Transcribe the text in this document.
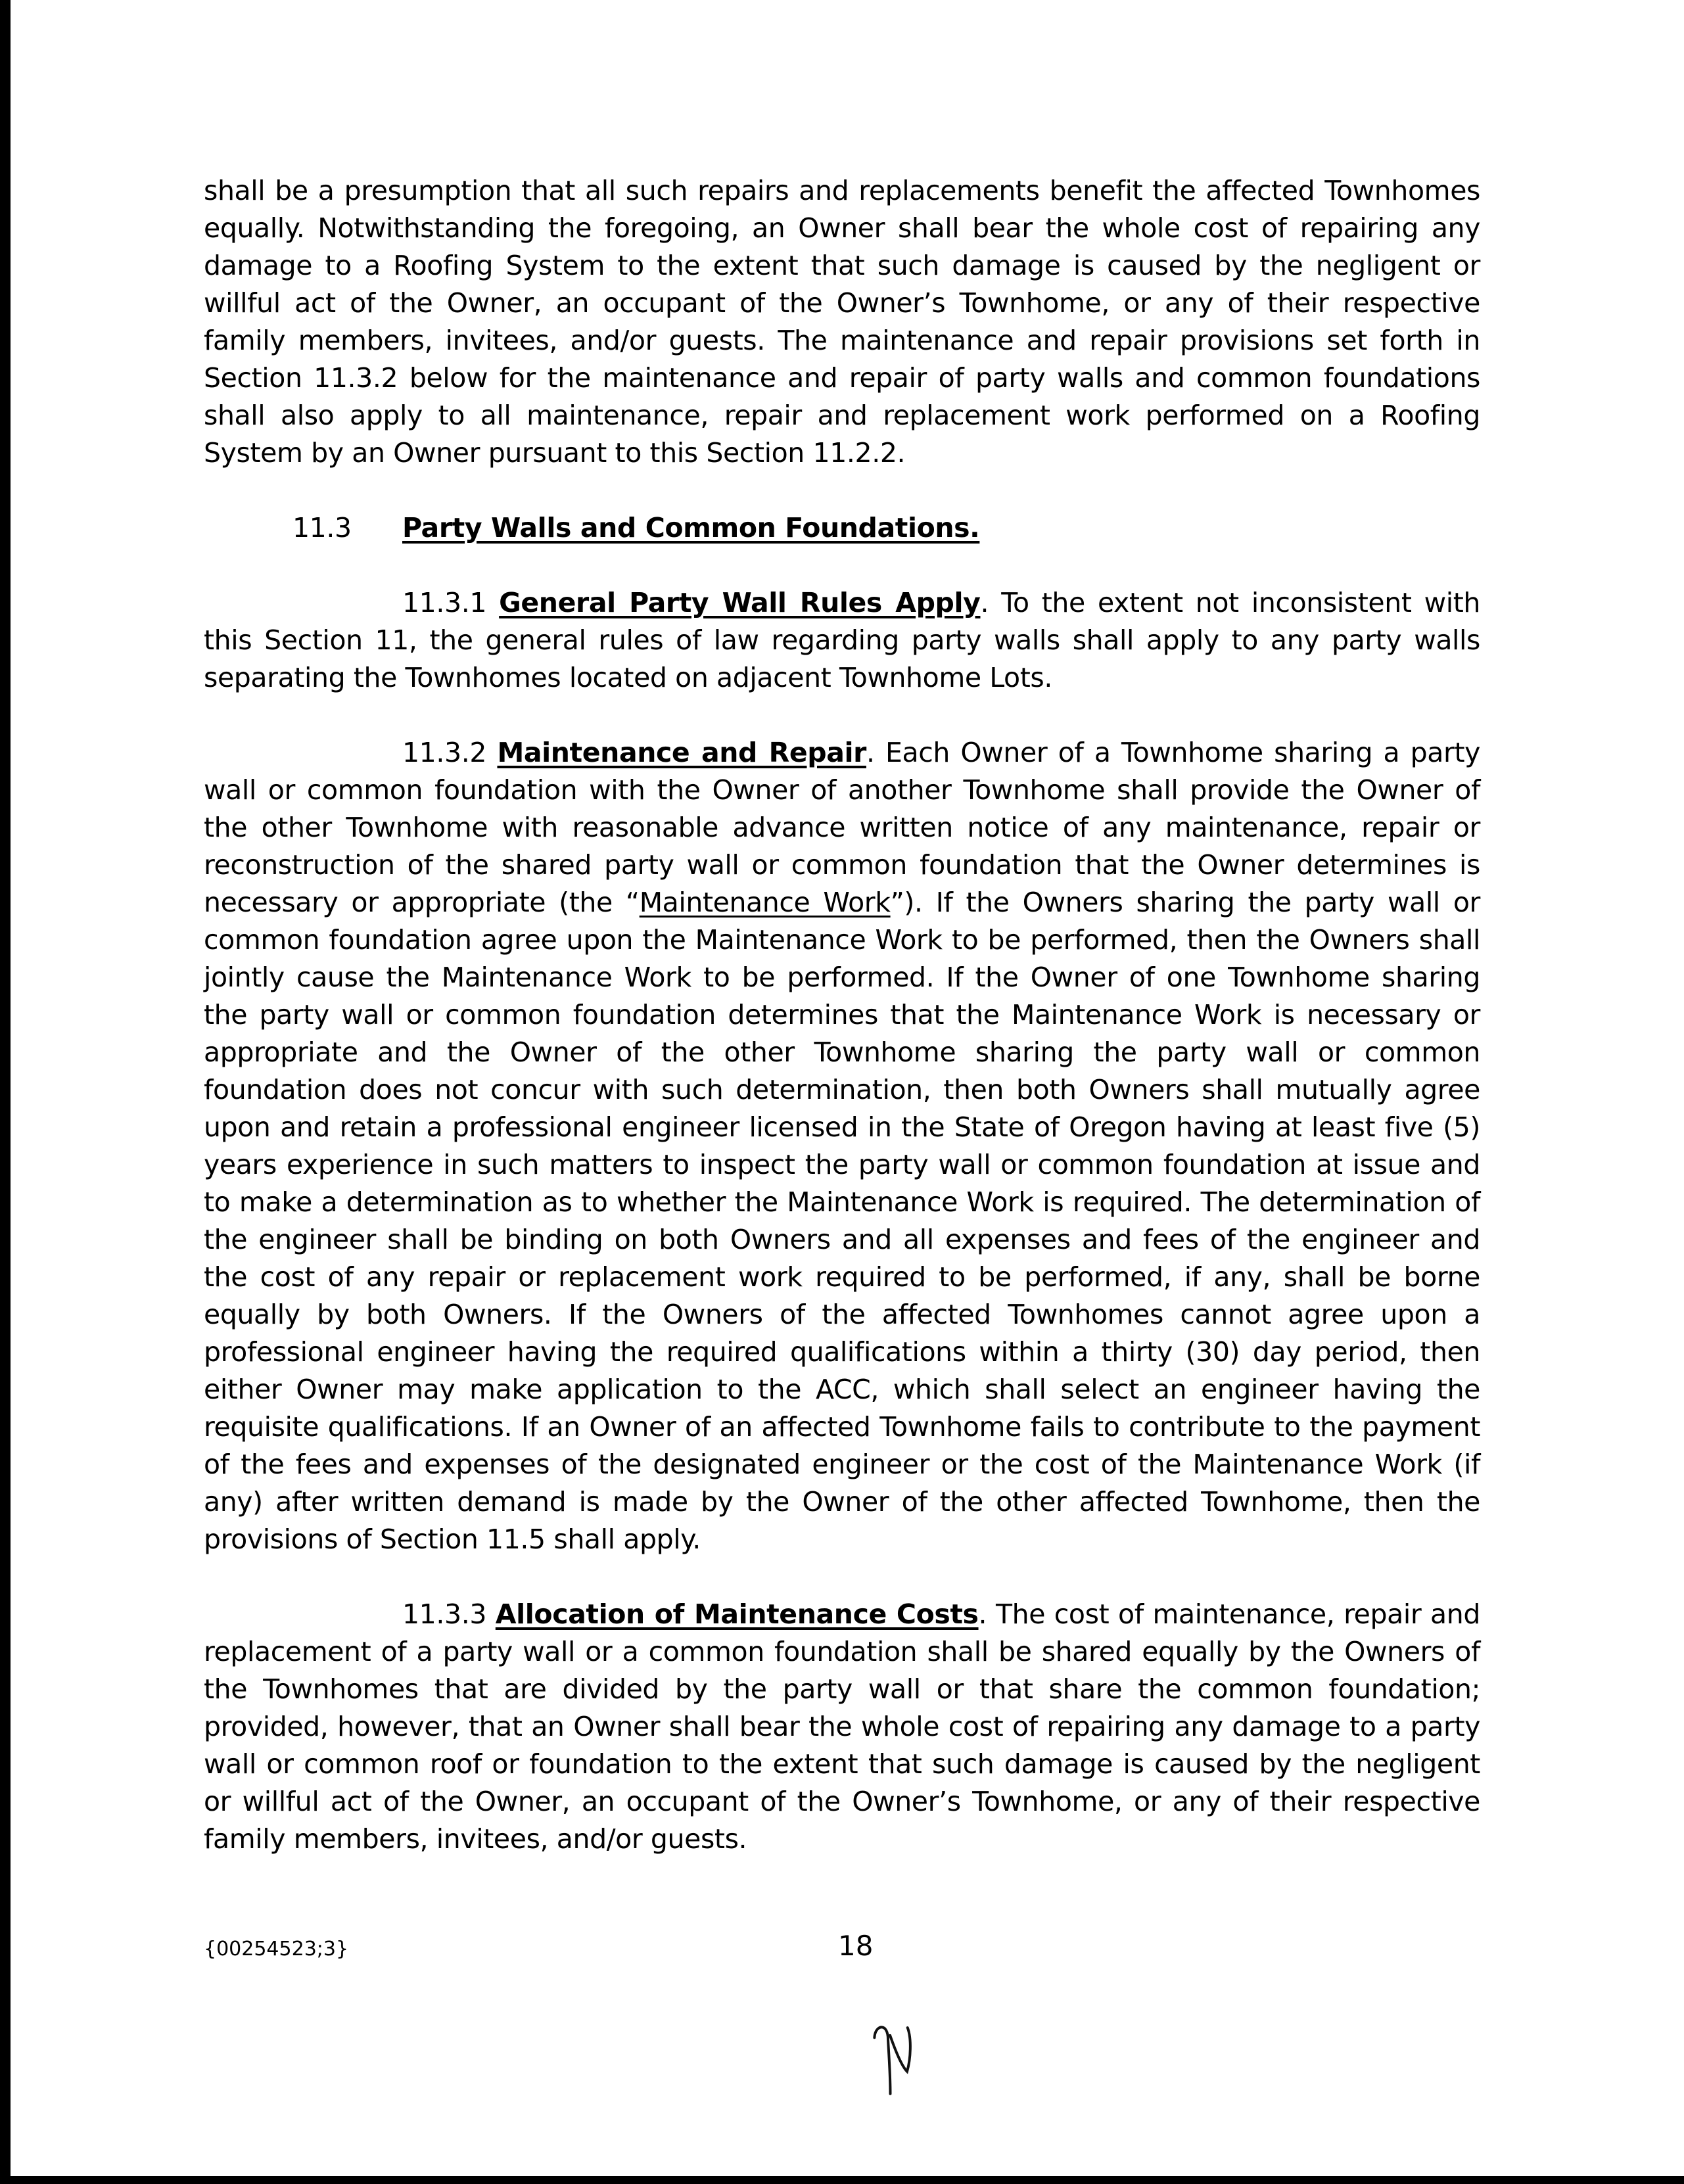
shall be a presumption that all such repairs and replacements benefit the affected Townhomes equally. Notwithstanding the foregoing, an Owner shall bear the whole cost of repairing any damage to a Roofing System to the extent that such damage is caused by the negligent or willful act of the Owner, an occupant of the Owner’s Townhome, or any of their respective family members, invitees, and/or guests. The maintenance and repair provisions set forth in Section 11.3.2 below for the maintenance and repair of party walls and common foundations shall also apply to all maintenance, repair and replacement work performed on a Roofing System by an Owner pursuant to this Section 11.2.2.

11.3 Party Walls and Common Foundations.

11.3.1 General Party Wall Rules Apply. To the extent not inconsistent with this Section 11, the general rules of law regarding party walls shall apply to any party walls separating the Townhomes located on adjacent Townhome Lots.

11.3.2 Maintenance and Repair. Each Owner of a Townhome sharing a party wall or common foundation with the Owner of another Townhome shall provide the Owner of the other Townhome with reasonable advance written notice of any maintenance, repair or reconstruction of the shared party wall or common foundation that the Owner determines is necessary or appropriate (the “Maintenance Work”). If the Owners sharing the party wall or common foundation agree upon the Maintenance Work to be performed, then the Owners shall jointly cause the Maintenance Work to be performed. If the Owner of one Townhome sharing the party wall or common foundation determines that the Maintenance Work is necessary or appropriate and the Owner of the other Townhome sharing the party wall or common foundation does not concur with such determination, then both Owners shall mutually agree upon and retain a professional engineer licensed in the State of Oregon having at least five (5) years experience in such matters to inspect the party wall or common foundation at issue and to make a determination as to whether the Maintenance Work is required. The determination of the engineer shall be binding on both Owners and all expenses and fees of the engineer and the cost of any repair or replacement work required to be performed, if any, shall be borne equally by both Owners. If the Owners of the affected Townhomes cannot agree upon a professional engineer having the required qualifications within a thirty (30) day period, then either Owner may make application to the ACC, which shall select an engineer having the requisite qualifications. If an Owner of an affected Townhome fails to contribute to the payment of the fees and expenses of the designated engineer or the cost of the Maintenance Work (if any) after written demand is made by the Owner of the other affected Townhome, then the provisions of Section 11.5 shall apply.

11.3.3 Allocation of Maintenance Costs. The cost of maintenance, repair and replacement of a party wall or a common foundation shall be shared equally by the Owners of the Townhomes that are divided by the party wall or that share the common foundation; provided, however, that an Owner shall bear the whole cost of repairing any damage to a party wall or common roof or foundation to the extent that such damage is caused by the negligent or willful act of the Owner, an occupant of the Owner’s Townhome, or any of their respective family members, invitees, and/or guests.

{00254523;3}	18
